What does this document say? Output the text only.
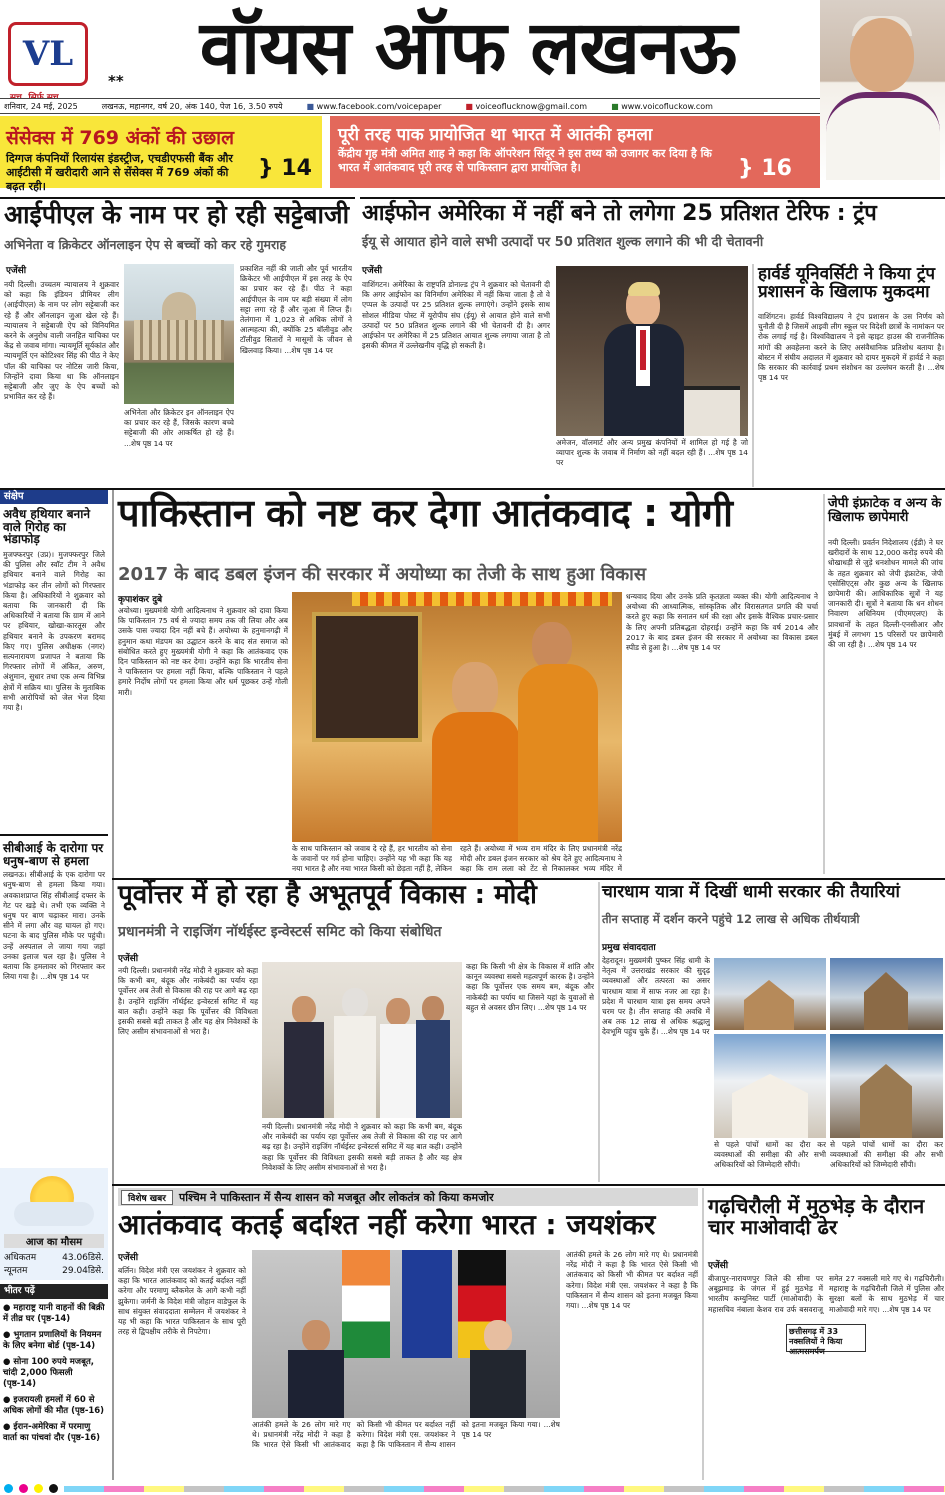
VL
**	वॉयस ऑफ लखनऊ
शनिवार, 24 मई, 2025	लखनऊ, महानगर, वर्ष 20, अंक 140, पेज 16, 3.50 रुपये	■ www.facebook.com/voicepaper	■ voiceoflucknow@gmail.com	■ www.voicofluckow.com
सेंसेक्स में 769 अंकों की उछाल

दिग्गज कंपनियों रिलायंस इंडस्ट्रीज, एचडीएफसी बैंक और आईटीसी में खरीदारी आने से सेंसेक्स में 769 अंकों की बढ़त रही।

} 14
पूरी तरह पाक प्रायोजित था भारत में आतंकी हमला

केंद्रीय गृह मंत्री अमित शाह ने कहा कि ऑपरेशन सिंदूर ने इस तथ्य को उजागर कर दिया है कि भारत में आतंकवाद पूरी तरह से पाकिस्तान द्वारा प्रायोजित है।	} 16
आईपीएल के नाम पर हो रही सट्टेबाजी
अभिनेता व क्रिकेटर ऑनलाइन ऐप से बच्चों को कर रहे गुमराह
एजेंसी
नयी दिल्ली। उच्चतम न्यायालय ने शुक्रवार को कहा कि इंडियन प्रीमियर लीग (आईपीएल) के नाम पर लोग सट्टेबाजी कर रहे हैं और ऑनलाइन जुआ खेल रहे हैं। न्यायालय ने सट्टेबाजी ऐप को विनियमित करने के अनुरोध वाली जनहित याचिका पर केंद्र से जवाब मांगा। न्यायमूर्ति सूर्यकांत और न्यायमूर्ति एन कोटिश्वर सिंह की पीठ ने केए पॉल की याचिका पर नोटिस जारी किया, जिन्होंने दावा किया था कि ऑनलाइन सट्टेबाजी और जुए के ऐप बच्चों को प्रभावित कर रहे हैं।
अभिनेता और क्रिकेटर इन ऑनलाइन ऐप का प्रचार कर रहे हैं, जिसके कारण बच्चे सट्टेबाजी की ओर आकर्षित हो रहे हैं। ...शेष पृष्ठ 14 पर
प्रकाशित नहीं की जाती और पूर्व भारतीय क्रिकेटर भी आईपीएल में इस तरह के ऐप का प्रचार कर रहे हैं। पीठ ने कहा आईपीएल के नाम पर बड़ी संख्या में लोग सट्टा लगा रहे हैं और जुआ में लिप्त हैं। तेलंगाना में 1,023 से अधिक लोगों ने आत्महत्या की, क्योंकि 25 बॉलीवुड और टॉलीवुड सितारों ने मासूमों के जीवन से खिलवाड़ किया। ...शेष पृष्ठ 14 पर
आईफोन अमेरिका में नहीं बने तो लगेगा 25 प्रतिशत टेरिफ : ट्रंप
ईयू से आयात होने वाले सभी उत्पादों पर 50 प्रतिशत शुल्क लगाने की भी दी चेतावनी
एजेंसी
वाशिंगटन। अमेरिका के राष्ट्रपति डोनाल्ड ट्रंप ने शुक्रवार को चेतावनी दी कि अगर आईफोन का विनिर्माण अमेरिका में नहीं किया जाता है तो वे एप्पल के उत्पादों पर 25 प्रतिशत शुल्क लगाएंगे। उन्होंने इसके साथ सोशल मीडिया पोस्ट में यूरोपीय संघ (ईयू) से आयात होने वाले सभी उत्पादों पर 50 प्रतिशत शुल्क लगाने की भी चेतावनी दी है। अगर आईफोन पर अमेरिका में 25 प्रतिशत आयात शुल्क लगाया जाता है तो इसकी कीमत में उल्लेखनीय वृद्धि हो सकती है।
अमेजन, वॉलमार्ट और अन्य प्रमुख कंपनियों में शामिल हो गई है जो व्यापार शुल्क के जवाब में निर्माण को नहीं बदल रही हैं। ...शेष पृष्ठ 14 पर
हार्वर्ड यूनिवर्सिटी ने किया ट्रंप प्रशासन के खिलाफ मुकदमा
वाशिंगटन। हार्वर्ड विश्वविद्यालय ने ट्रंप प्रशासन के उस निर्णय को चुनौती दी है जिसमें आइवी लीग स्कूल पर विदेशी छात्रों के नामांकन पर रोक लगाई गई है। विश्वविद्यालय ने इसे व्हाइट हाउस की राजनीतिक मांगों की अवहेलना करने के लिए असंवैधानिक प्रतिशोध बताया है। बोस्टन में संघीय अदालत में शुक्रवार को दायर मुकदमे में हार्वर्ड ने कहा कि सरकार की कार्रवाई प्रथम संशोधन का उल्लंघन करती है। ...शेष पृष्ठ 14 पर
संक्षेप
अवैध हथियार बनाने वाले गिरोह का भंडाफोड़
मुजफ्फरपुर (उप्र)। मुजफ्फरपुर जिले की पुलिस और स्वॉट टीम ने अवैध हथियार बनाने वाले गिरोह का भंडाफोड़ कर तीन लोगों को गिरफ्तार किया है। अधिकारियों ने शुक्रवार को बताया कि जानकारी दी कि अधिकारियों ने बताया कि ग्राम में आने पर हथियार, खोखा-कारतूस और हथियार बनाने के उपकरण बरामद किए गए। पुलिस अधीक्षक (नगर) सत्यनारायण प्रजापत ने बताया कि गिरफ्तार लोगों में अंकित, अरुण, अंशुमान, सुधार तथा एक अन्य विभिन्न क्षेत्रों में सक्रिय था। पुलिस के मुताबिक सभी आरोपियों को जेल भेज दिया गया है।
सीबीआई के दारोगा पर धनुष-बाण से हमला
लखनऊ। सीबीआई के एक दारोगा पर धनुष-बाण से हमला किया गया। अवकाशप्राप्त सिंह सीबीआई दफ्तर के गेट पर खड़े थे। तभी एक व्यक्ति ने धनुष पर बाण चढ़ाकर मारा। उनके सीने में लगा और वह घायल हो गए। घटना के बाद पुलिस मौके पर पहुंची। उन्हें अस्पताल ले जाया गया जहां उनका इलाज चल रहा है। पुलिस ने बताया कि हमलावर को गिरफ्तार कर लिया गया है। ...शेष पृष्ठ 14 पर
आज का मौसम
अधिकतम	43.06डिसे.
न्यूनतम	29.04डिसे.
भीतर पढ़ें
● महाराष्ट्र यानी वाहनों की बिक्री में तीव्र घर (पृष्ठ-14)
● भुगतान प्रणालियों के नियमन के लिए बनेगा बोर्ड (पृष्ठ-14)
● सोना 100 रुपये मजबूत, चांदी 2,000 फिसली (पृष्ठ-14)
● इजरायली हमलों में 60 से अधिक लोगों की मौत (पृष्ठ-16)
● ईरान-अमेरिका में परमाणु वार्ता का पांचवां दौर (पृष्ठ-16)
पाकिस्तान को नष्ट कर देगा आतंकवाद : योगी
2017 के बाद डबल इंजन की सरकार में अयोध्या का तेजी के साथ हुआ विकास
कृपाशंकर दुबे
अयोध्या। मुख्यमंत्री योगी आदित्यनाथ ने शुक्रवार को दावा किया कि पाकिस्तान 75 वर्ष से ज्यादा समय तक जी लिया और अब उसके पास ज्यादा दिन नहीं बचे हैं। अयोध्या के हनुमानगढ़ी में हनुमान कथा मंडपम का उद्घाटन करने के बाद संत समाज को संबोधित करते हुए मुख्यमंत्री योगी ने कहा कि आतंकवाद एक दिन पाकिस्तान को नष्ट कर देगा। उन्होंने कहा कि भारतीय सेना ने पाकिस्तान पर हमला नहीं किया, बल्कि पाकिस्तान ने पहले हमारे निर्दोष लोगों पर हमला किया और धर्म पूछकर उन्हें गोली मारी।
के साथ पाकिस्तान को जवाब दे रहे हैं, हर भारतीय को सेना के जवानों पर गर्व होना चाहिए। उन्होंने यह भी कहा कि यह नया भारत है और नया भारत किसी को छेड़ता नहीं है, लेकिन
रहते हैं। अयोध्या में भव्य राम मंदिर के लिए प्रधानमंत्री नरेंद्र मोदी और डबल इंजन सरकार को श्रेय देते हुए आदित्यनाथ ने कहा कि राम लला को टेंट से निकालकर भव्य मंदिर में
धन्यवाद दिया और उनके प्रति कृतज्ञता व्यक्त की। योगी आदित्यनाथ ने अयोध्या की आध्यात्मिक, सांस्कृतिक और विरासतगत प्रगति की चर्चा करते हुए कहा कि सनातन धर्म की रक्षा और इसके वैश्विक प्रचार-प्रसार के लिए अपनी प्रतिबद्धता दोहराई। उन्होंने कहा कि वर्ष 2014 और 2017 के बाद डबल इंजन की सरकार में अयोध्या का विकास डबल स्पीड से हुआ है। ...शेष पृष्ठ 14 पर
जेपी इंफ्राटेक व अन्य के खिलाफ छापेमारी
नयी दिल्ली। प्रवर्तन निदेशालय (ईडी) ने घर खरीदारों के साथ 12,000 करोड़ रुपये की धोखाधड़ी से जुड़े धनशोधन मामले की जांच के तहत शुक्रवार को जेपी इंफ्राटेक, जेपी एसोसिएट्स और कुछ अन्य के खिलाफ छापेमारी की। आधिकारिक सूत्रों ने यह जानकारी दी। सूत्रों ने बताया कि धन शोधन निवारण अधिनियम (पीएमएलए) के प्रावधानों के तहत दिल्ली-एनसीआर और मुंबई में लगभग 15 परिसरों पर छापेमारी की जा रही है। ...शेष पृष्ठ 14 पर
पूर्वोत्तर में हो रहा है अभूतपूर्व विकास : मोदी
प्रधानमंत्री ने राइजिंग नॉर्थईस्ट इन्वेस्टर्स समिट को किया संबोधित
एजेंसी
नयी दिल्ली। प्रधानमंत्री नरेंद्र मोदी ने शुक्रवार को कहा कि कभी बम, बंदूक और नाकेबंदी का पर्याय रहा पूर्वोत्तर अब तेजी से विकास की राह पर आगे बढ़ रहा है। उन्होंने राइजिंग नॉर्थईस्ट इन्वेस्टर्स समिट में यह बात कही। उन्होंने कहा कि पूर्वोत्तर की विविधता इसकी सबसे बड़ी ताकत है और यह क्षेत्र निवेशकों के लिए असीम संभावनाओं से भरा है।
नयी दिल्ली। प्रधानमंत्री नरेंद्र मोदी ने शुक्रवार को कहा कि कभी बम, बंदूक और नाकेबंदी का पर्याय रहा पूर्वोत्तर अब तेजी से विकास की राह पर आगे बढ़ रहा है। उन्होंने राइजिंग नॉर्थईस्ट इन्वेस्टर्स समिट में यह बात कही। उन्होंने कहा कि पूर्वोत्तर की विविधता इसकी सबसे बड़ी ताकत है और यह क्षेत्र निवेशकों के लिए असीम संभावनाओं से भरा है।
कहा कि किसी भी क्षेत्र के विकास में शांति और कानून व्यवस्था सबसे महत्वपूर्ण कारक है। उन्होंने कहा कि पूर्वोत्तर एक समय बम, बंदूक और नाकेबंदी का पर्याय था जिसने यहां के युवाओं से बहुत से अवसर छीन लिए। ...शेष पृष्ठ 14 पर
चारधाम यात्रा में दिखीं धामी सरकार की तैयारियां
तीन सप्ताह में दर्शन करने पहुंचे 12 लाख से अधिक तीर्थयात्री
प्रमुख संवाददाता
देहरादून। मुख्यमंत्री पुष्कर सिंह धामी के नेतृत्व में उत्तराखंड सरकार की सुदृढ़ व्यवस्थाओं और तत्परता का असर चारधाम यात्रा में साफ नजर आ रहा है। प्रदेश में चारधाम यात्रा इस समय अपने चरम पर है। तीन सप्ताह की अवधि में अब तक 12 लाख से अधिक श्रद्धालु देवभूमि पहुंच चुके हैं। ...शेष पृष्ठ 14 पर
से पहले पांचों धामों का दौरा कर व्यवस्थाओं की समीक्षा की और सभी अधिकारियों को जिम्मेदारी सौंपी।
से पहले पांचों धामों का दौरा कर व्यवस्थाओं की समीक्षा की और सभी अधिकारियों को जिम्मेदारी सौंपी।
विशेष खबर	पश्चिम ने पाकिस्तान में सैन्य शासन को मजबूत और लोकतंत्र को किया कमजोर
आतंकवाद कतई बर्दाश्त नहीं करेगा भारत : जयशंकर
एजेंसी
बर्लिन। विदेश मंत्री एस जयशंकर ने शुक्रवार को कहा कि भारत आतंकवाद को कतई बर्दाश्त नहीं करेगा और परमाणु ब्लैकमेल के आगे कभी नहीं झुकेगा। जर्मनी के विदेश मंत्री जोहान वाडेफुल के साथ संयुक्त संवाददाता सम्मेलन में जयशंकर ने यह भी कहा कि भारत पाकिस्तान के साथ पूरी तरह से द्विपक्षीय तरीके से निपटेगा।
आतंकी हमले के 26 लोग मारे गए थे। प्रधानमंत्री नरेंद्र मोदी ने कहा है कि भारत ऐसे किसी भी आतंकवाद को किसी भी कीमत पर बर्दाश्त नहीं करेगा। विदेश मंत्री एस. जयशंकर ने कहा है कि पाकिस्तान में सैन्य शासन को इतना मजबूत किया गया। ...शेष पृष्ठ 14 पर
आतंकी हमले के 26 लोग मारे गए थे। प्रधानमंत्री नरेंद्र मोदी ने कहा है कि भारत ऐसे किसी भी आतंकवाद को किसी भी कीमत पर बर्दाश्त नहीं करेगा। विदेश मंत्री एस. जयशंकर ने कहा है कि पाकिस्तान में सैन्य शासन को इतना मजबूत किया गया। ...शेष पृष्ठ 14 पर
गढ़चिरौली में मुठभेड़ के दौरान चार माओवादी ढेर
एजेंसी
बीजापुर-नारायणपुर जिले की सीमा पर अबूझमाड़ के जंगल में हुई मुठभेड़ में भारतीय कम्युनिस्ट पार्टी (माओवादी) के महासचिव नंबाला केशव राव उर्फ बसवराजू समेत 27 नक्सली मारे गए थे। गढ़चिरौली। महाराष्ट्र के गढ़चिरौली जिले में पुलिस और सुरक्षा बलों के साथ मुठभेड़ में चार माओवादी मारे गए। ...शेष पृष्ठ 14 पर
छत्तीसगढ़ में 33 नक्सलियों ने किया आत्मसमर्पण
